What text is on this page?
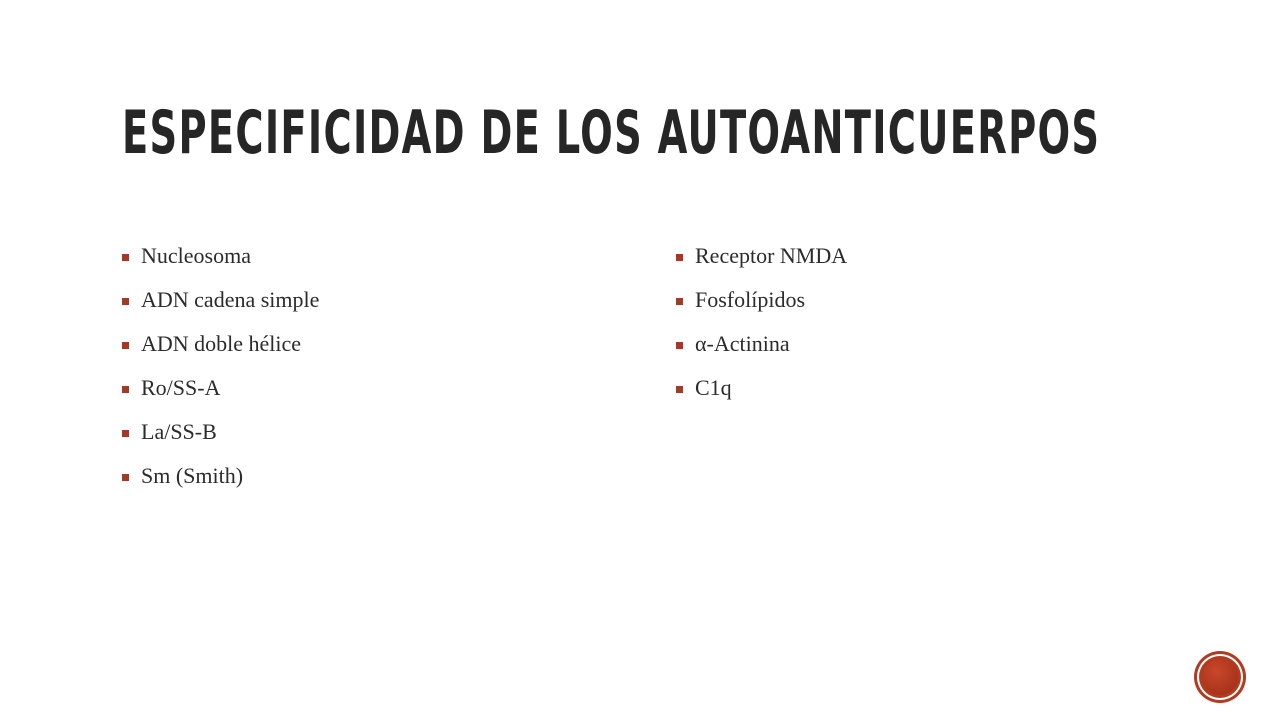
ESPECIFICIDAD DE LOS AUTOANTICUERPOS
Nucleosoma
ADN cadena simple
ADN doble hélice
Ro/SS-A
La/SS-B
Sm (Smith)
Receptor NMDA
Fosfolípidos
α-Actinina
C1q
